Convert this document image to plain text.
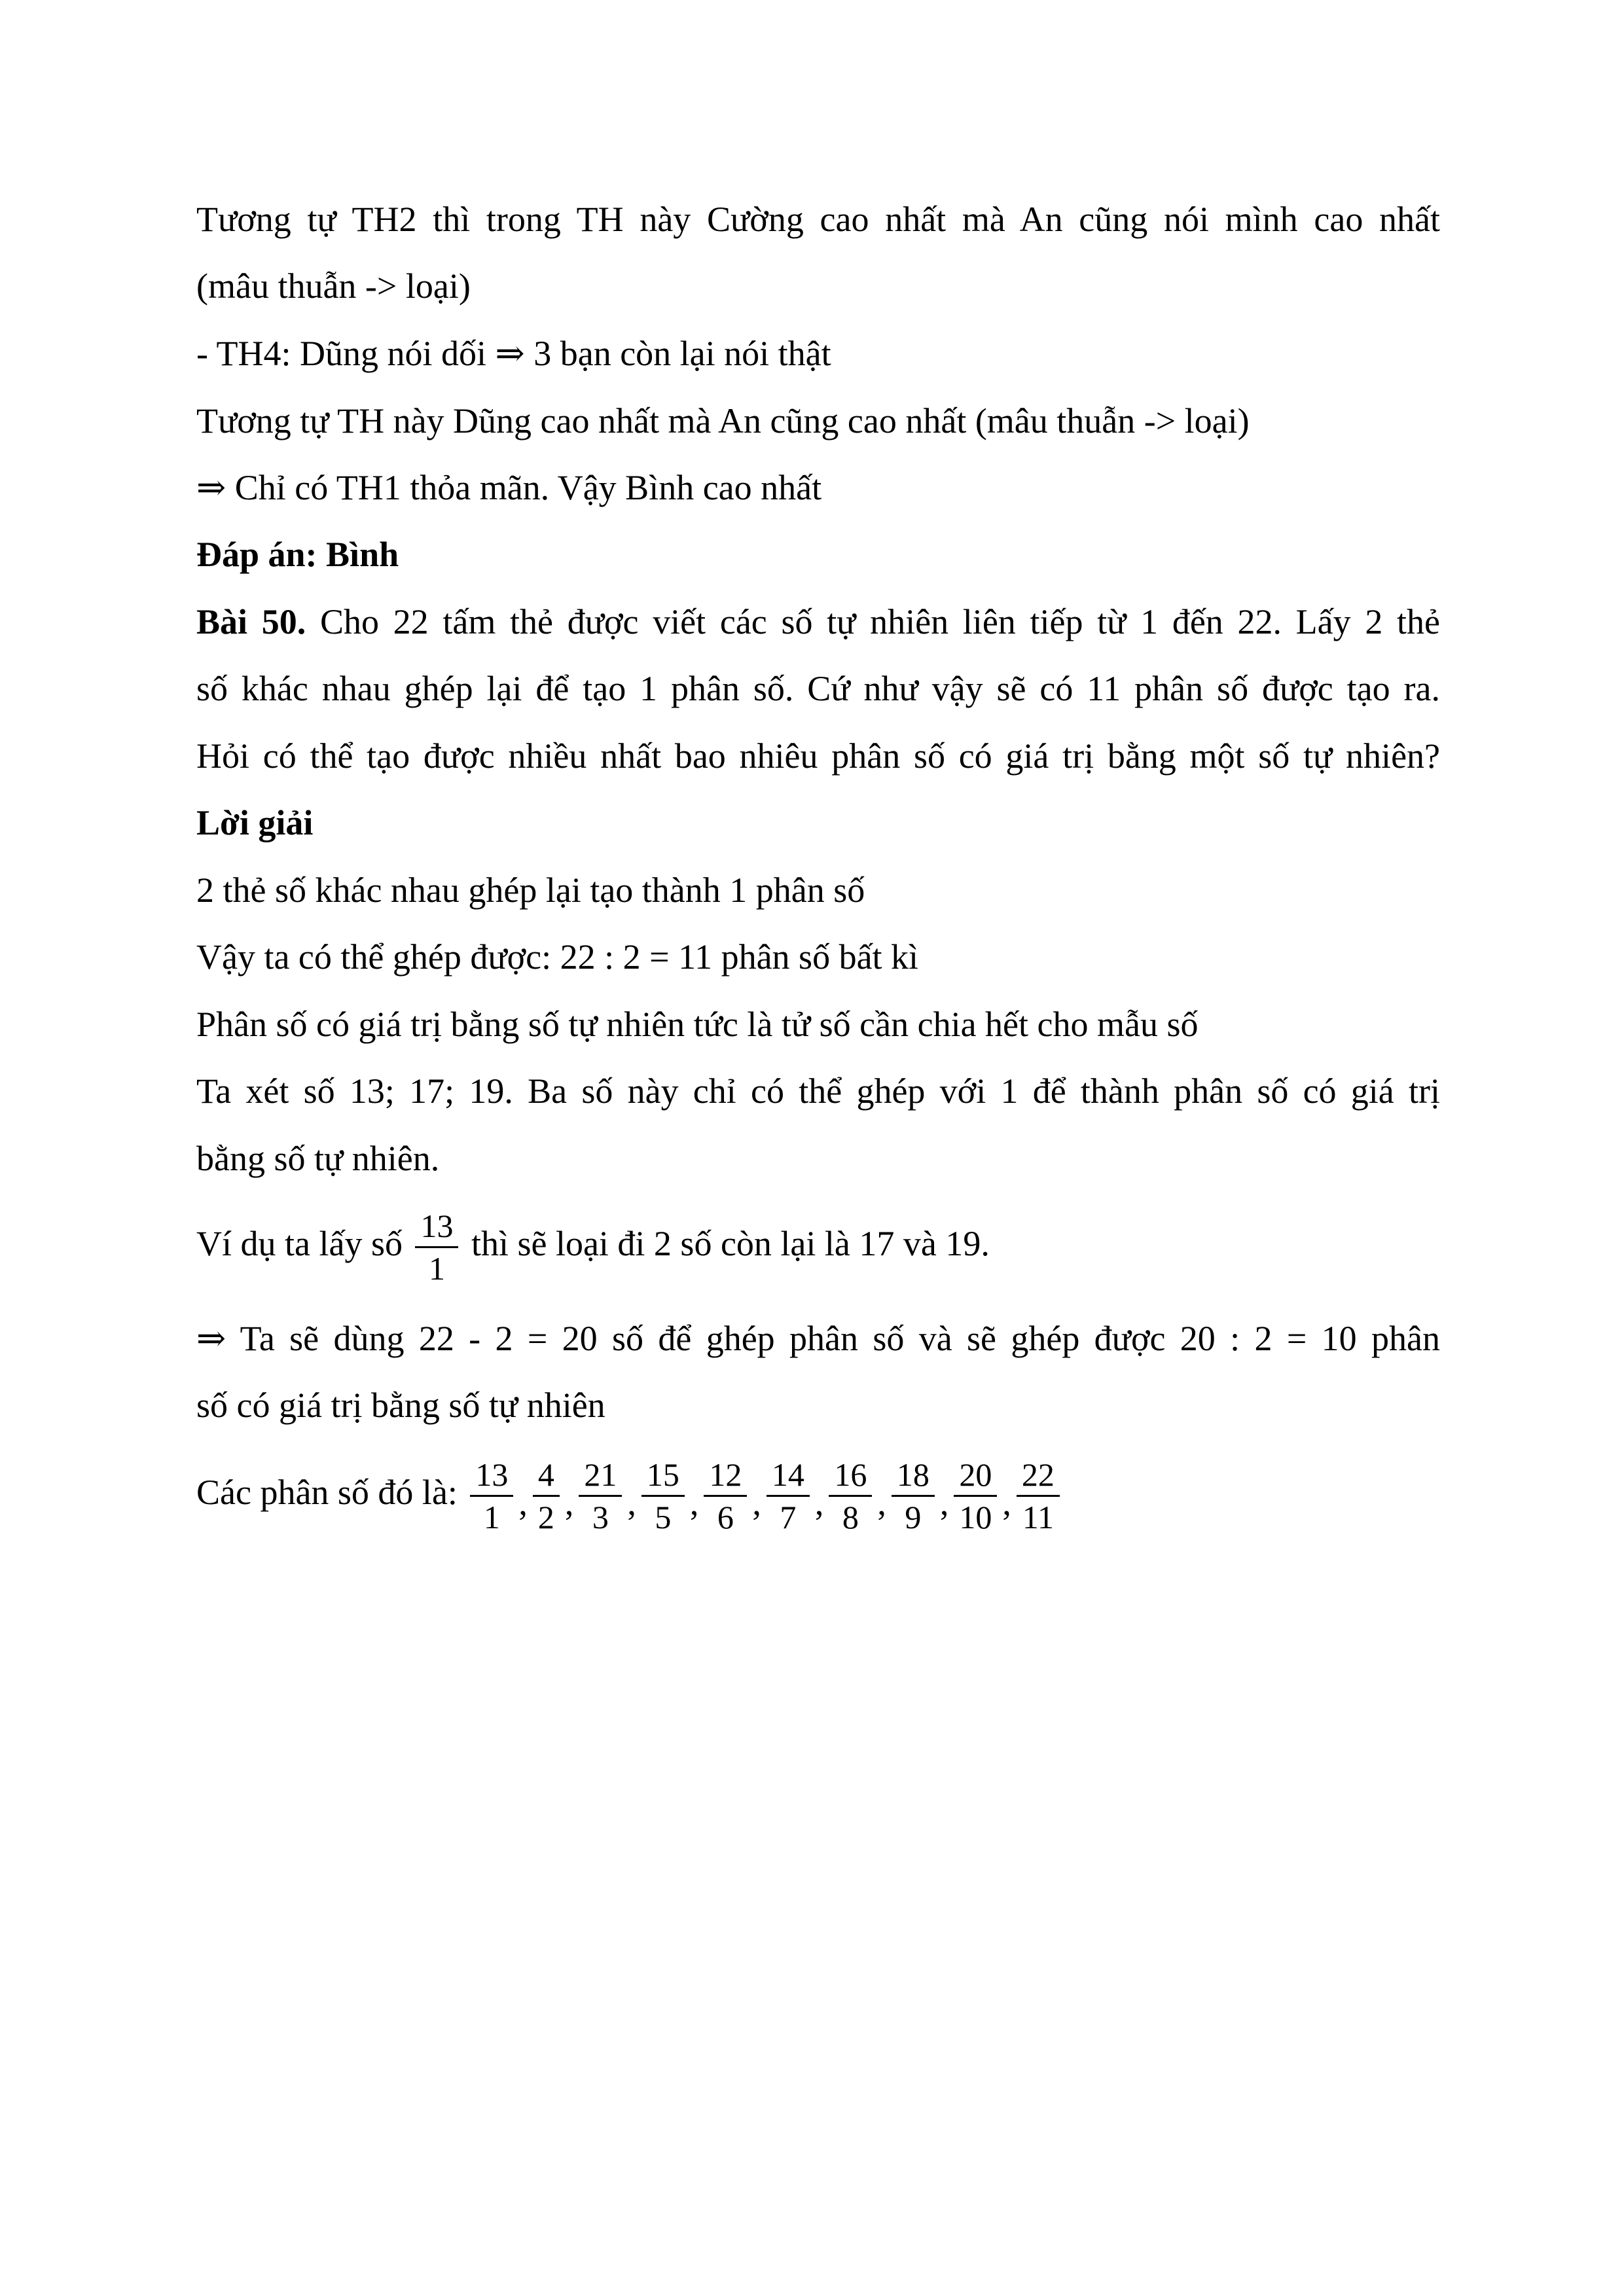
Tương tự TH2 thì trong TH này Cường cao nhất mà An cũng nói mình cao nhất
(mâu thuẫn -> loại)
- TH4: Dũng nói dối ⇒ 3 bạn còn lại nói thật
Tương tự TH này Dũng cao nhất mà An cũng cao nhất (mâu thuẫn -> loại)
⇒ Chỉ có TH1 thỏa mãn. Vậy Bình cao nhất
Đáp án: Bình
Bài 50. Cho 22 tấm thẻ được viết các số tự nhiên liên tiếp từ 1 đến 22. Lấy 2 thẻ
số khác nhau ghép lại để tạo 1 phân số. Cứ như vậy sẽ có 11 phân số được tạo ra.
Hỏi có thể tạo được nhiều nhất bao nhiêu phân số có giá trị bằng một số tự nhiên?
Lời giải
2 thẻ số khác nhau ghép lại tạo thành 1 phân số
Vậy ta có thể ghép được: 22 : 2 = 11 phân số bất kì
Phân số có giá trị bằng số tự nhiên tức là tử số cần chia hết cho mẫu số
Ta xét số 13; 17; 19. Ba số này chỉ có thể ghép với 1 để thành phân số có giá trị
bằng số tự nhiên.
Ví dụ ta lấy số $\frac{13}{1}$ thì sẽ loại đi 2 số còn lại là 17 và 19.
⇒ Ta sẽ dùng 22 - 2 = 20 số để ghép phân số và sẽ ghép được 20 : 2 = 10 phân
số có giá trị bằng số tự nhiên
Các phân số đó là: $\frac{13}{1}$ , $\frac{4}{2}$ , $\frac{21}{3}$ , $\frac{15}{5}$ , $\frac{12}{6}$ , $\frac{14}{7}$ , $\frac{16}{8}$ , $\frac{18}{9}$ , $\frac{20}{10}$ , $\frac{22}{11}$
